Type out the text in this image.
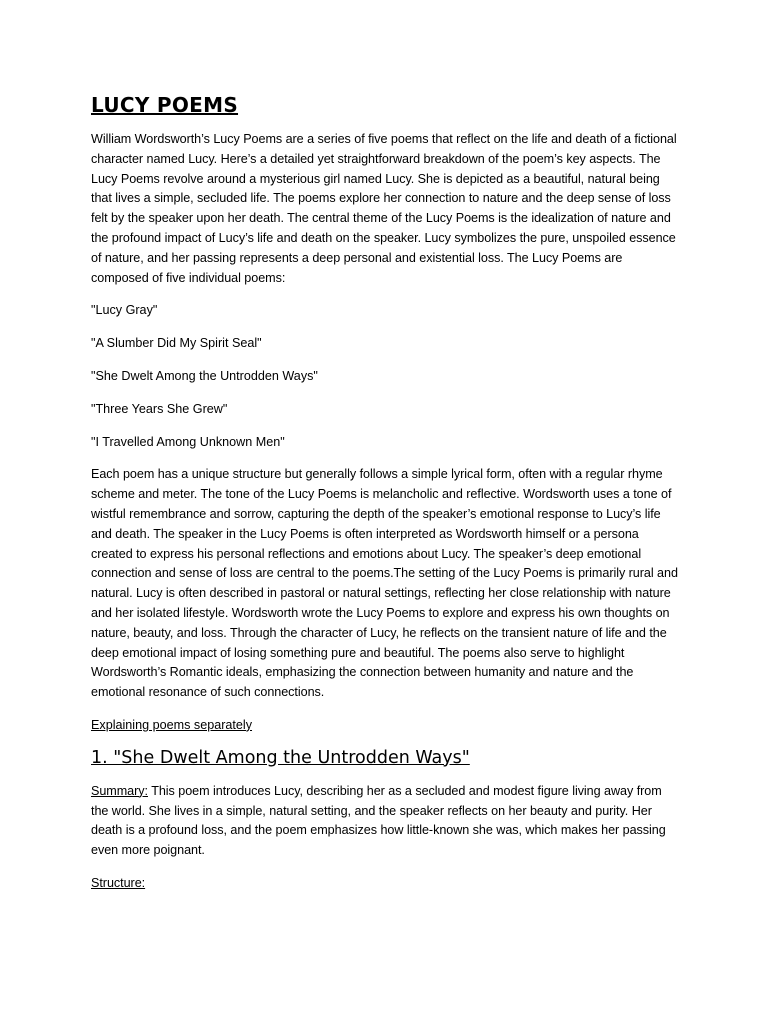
LUCY POEMS

William Wordsworth’s Lucy Poems are a series of five poems that reflect on the life and death of a fictional character named Lucy. Here’s a detailed yet straightforward breakdown of the poem’s key aspects. The Lucy Poems revolve around a mysterious girl named Lucy. She is depicted as a beautiful, natural being that lives a simple, secluded life. The poems explore her connection to nature and the deep sense of loss felt by the speaker upon her death. The central theme of the Lucy Poems is the idealization of nature and the profound impact of Lucy’s life and death on the speaker. Lucy symbolizes the pure, unspoiled essence of nature, and her passing represents a deep personal and existential loss. The Lucy Poems are composed of five individual poems:

"Lucy Gray"

"A Slumber Did My Spirit Seal"

"She Dwelt Among the Untrodden Ways"

"Three Years She Grew"

"I Travelled Among Unknown Men"

Each poem has a unique structure but generally follows a simple lyrical form, often with a regular rhyme scheme and meter. The tone of the Lucy Poems is melancholic and reflective. Wordsworth uses a tone of wistful remembrance and sorrow, capturing the depth of the speaker’s emotional response to Lucy’s life and death. The speaker in the Lucy Poems is often interpreted as Wordsworth himself or a persona created to express his personal reflections and emotions about Lucy. The speaker’s deep emotional connection and sense of loss are central to the poems.The setting of the Lucy Poems is primarily rural and natural. Lucy is often described in pastoral or natural settings, reflecting her close relationship with nature and her isolated lifestyle. Wordsworth wrote the Lucy Poems to explore and express his own thoughts on nature, beauty, and loss. Through the character of Lucy, he reflects on the transient nature of life and the deep emotional impact of losing something pure and beautiful. The poems also serve to highlight Wordsworth’s Romantic ideals, emphasizing the connection between humanity and nature and the emotional resonance of such connections.

Explaining poems separately

1. "She Dwelt Among the Untrodden Ways"

Summary: This poem introduces Lucy, describing her as a secluded and modest figure living away from the world. She lives in a simple, natural setting, and the speaker reflects on her beauty and purity. Her death is a profound loss, and the poem emphasizes how little-known she was, which makes her passing even more poignant.

Structure:
